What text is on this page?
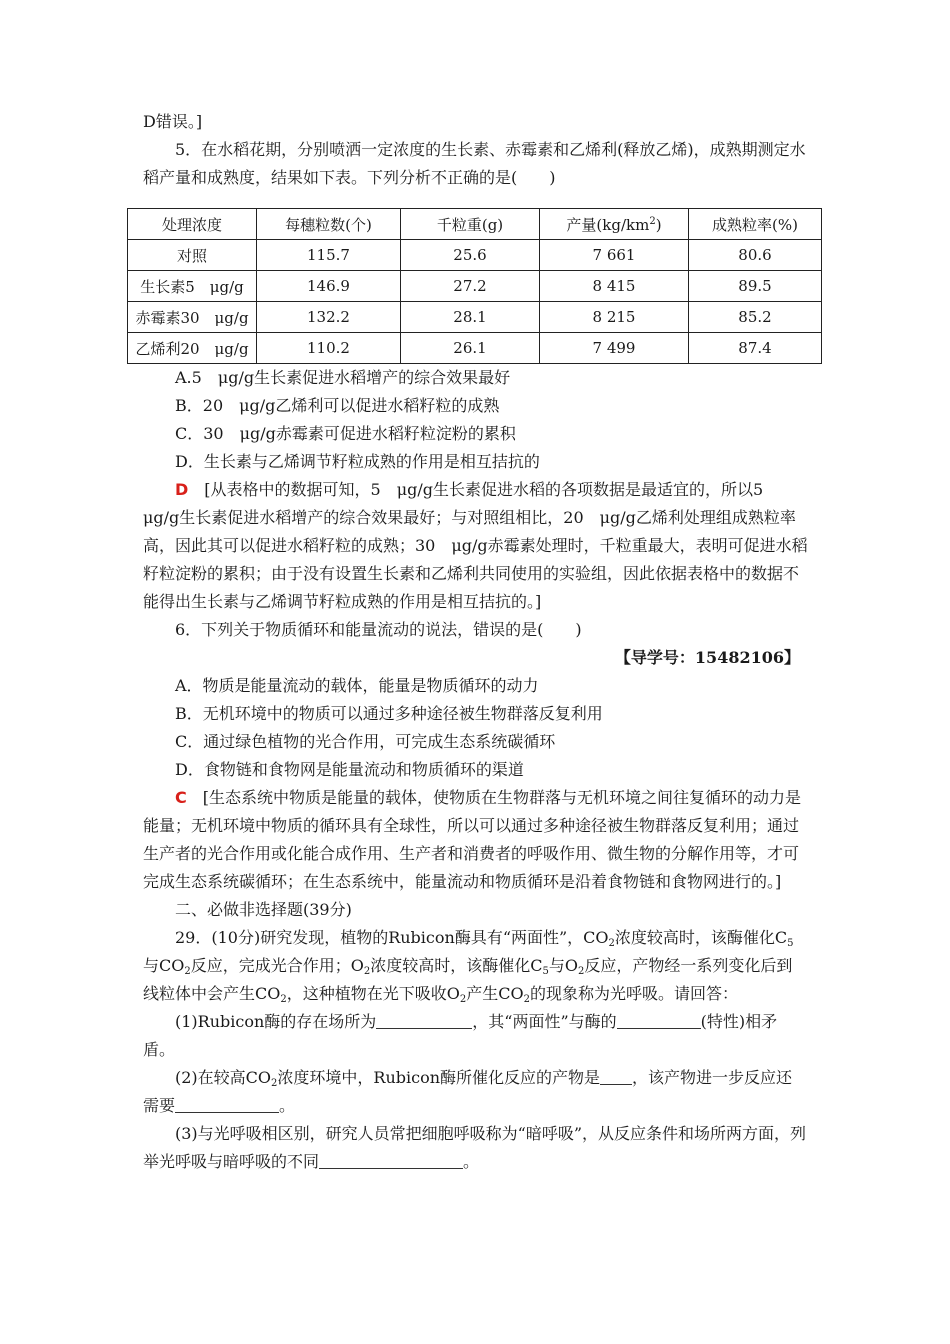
D错误。]

5．在水稻花期，分别喷洒一定浓度的生长素、赤霉素和乙烯利(释放乙烯)，成熟期测定水稻产量和成熟度，结果如下表。下列分析不正确的是(　　)

处理浓度	每穗粒数(个)	千粒重(g)	产量$(kg/km^2)$	成熟粒率(%)
对照	115.7	25.6	7 661	80.6
生长素5　μg/g	146.9	27.2	8 415	89.5
赤霉素30　μg/g	132.2	28.1	8 215	85.2
乙烯利20　μg/g	110.2	26.1	7 499	87.4

A.5　μg/g生长素促进水稻增产的综合效果最好

B．20　μg/g乙烯利可以促进水稻籽粒的成熟

C．30　μg/g赤霉素可促进水稻籽粒淀粉的累积

D．生长素与乙烯调节籽粒成熟的作用是相互拮抗的

D　 [从表格中的数据可知，5　μg/g生长素促进水稻的各项数据是最适宜的，所以5　μg/g生长素促进水稻增产的综合效果最好；与对照组相比，20　μg/g乙烯利处理组成熟粒率高，因此其可以促进水稻籽粒的成熟；30　μg/g赤霉素处理时，千粒重最大，表明可促进水稻籽粒淀粉的累积；由于没有设置生长素和乙烯利共同使用的实验组，因此依据表格中的数据不能得出生长素与乙烯调节籽粒成熟的作用是相互拮抗的。]

6．下列关于物质循环和能量流动的说法，错误的是(　　)

【导学号：15482106】

A．物质是能量流动的载体，能量是物质循环的动力

B．无机环境中的物质可以通过多种途径被生物群落反复利用

C．通过绿色植物的光合作用，可完成生态系统碳循环

D．食物链和食物网是能量流动和物质循环的渠道

C　 [生态系统中物质是能量的载体，使物质在生物群落与无机环境之间往复循环的动力是能量；无机环境中物质的循环具有全球性，所以可以通过多种途径被生物群落反复利用；通过生产者的光合作用或化能合成作用、生产者和消费者的呼吸作用、微生物的分解作用等，才可完成生态系统碳循环；在生态系统中，能量流动和物质循环是沿着食物链和食物网进行的。]

二、必做非选择题(39分)

29．(10分)研究发现，植物的Rubicon酶具有“两面性”，$CO_2$浓度较高时，该酶催化$C_5$与$CO_2$反应，完成光合作用；$O_2$浓度较高时，该酶催化$C_5$与$O_2$反应，产物经一系列变化后到线粒体中会产生$CO_2$，这种植物在光下吸收$O_2$产生$CO_2$的现象称为光呼吸。请回答：

(1)Rubicon酶的存在场所为	，其“两面性”与酶的	(特性)相矛盾。

(2)在较高$CO_2$浓度环境中，Rubicon酶所催化反应的产物是 ，该产物进一步反应还需要	。

(3)与光呼吸相区别，研究人员常把细胞呼吸称为“暗呼吸”，从反应条件和场所两方面，列举光呼吸与暗呼吸的不同	。
